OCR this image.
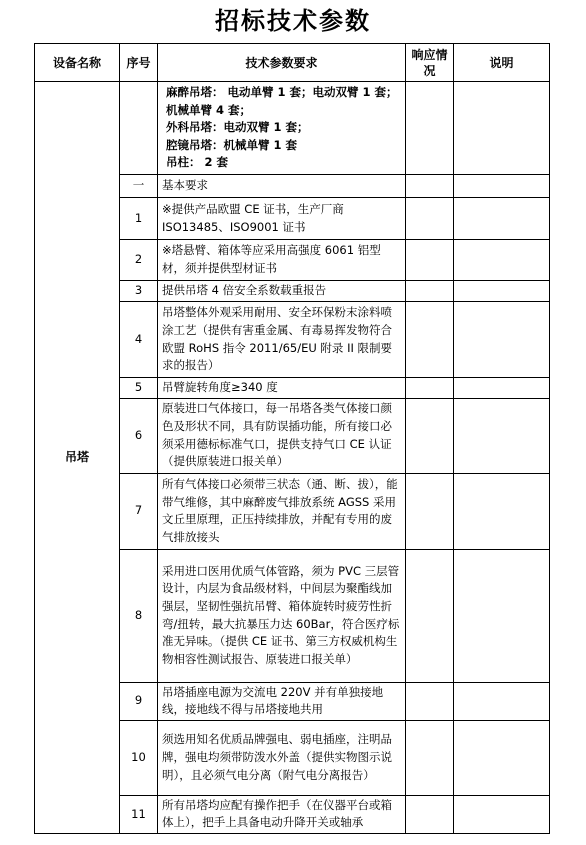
招标技术参数
设备名称	序号	技术参数要求	响应情况	说明
吊塔		麻醉吊塔： 电动单臂 1 套；电动双臂 1 套；机械单臂 4 套；
外科吊塔：电动双臂 1 套；
腔镜吊塔：机械单臂 1 套
吊柱： 2 套		

	一	基本要求		
	1	※提供产品欧盟 CE 证书，生产厂商 ISO13485、ISO9001 证书		
	2	※塔悬臂、箱体等应采用高强度 6061 铝型材，须并提供型材证书		
	3	提供吊塔 4 倍安全系数载重报告		
	4	吊塔整体外观采用耐用、安全环保粉末涂料喷涂工艺（提供有害重金属、有毒易挥发物符合欧盟 RoHS 指令 2011/65/EU 附录 II 限制要求的报告）		
	5	吊臂旋转角度≥340 度		
	6	原装进口气体接口，每一吊塔各类气体接口颜色及形状不同，具有防误插功能，所有接口必须采用德标标准气口，提供支持气口 CE 认证（提供原装进口报关单）		
	7	所有气体接口必须带三状态（通、断、拔），能带气维修，其中麻醉废气排放系统 AGSS 采用文丘里原理，正压持续排放，并配有专用的废气排放接头		
	8	采用进口医用优质气体管路，须为 PVC 三层管设计，内层为食品级材料，中间层为聚酯线加强层，坚韧性强抗吊臂、箱体旋转时疲劳性折弯/扭转，最大抗暴压力达 60Bar，符合医疗标准无异味。（提供 CE 证书、第三方权威机构生物相容性测试报告、原装进口报关单）		
	9	吊塔插座电源为交流电 220V 并有单独接地线，接地线不得与吊塔接地共用		
	10	须选用知名优质品牌强电、弱电插座，注明品牌，强电均须带防泼水外盖（提供实物图示说明），且必须气电分离（附气电分离报告）		
	11	所有吊塔均应配有操作把手（在仪器平台或箱体上），把手上具备电动升降开关或轴承		
